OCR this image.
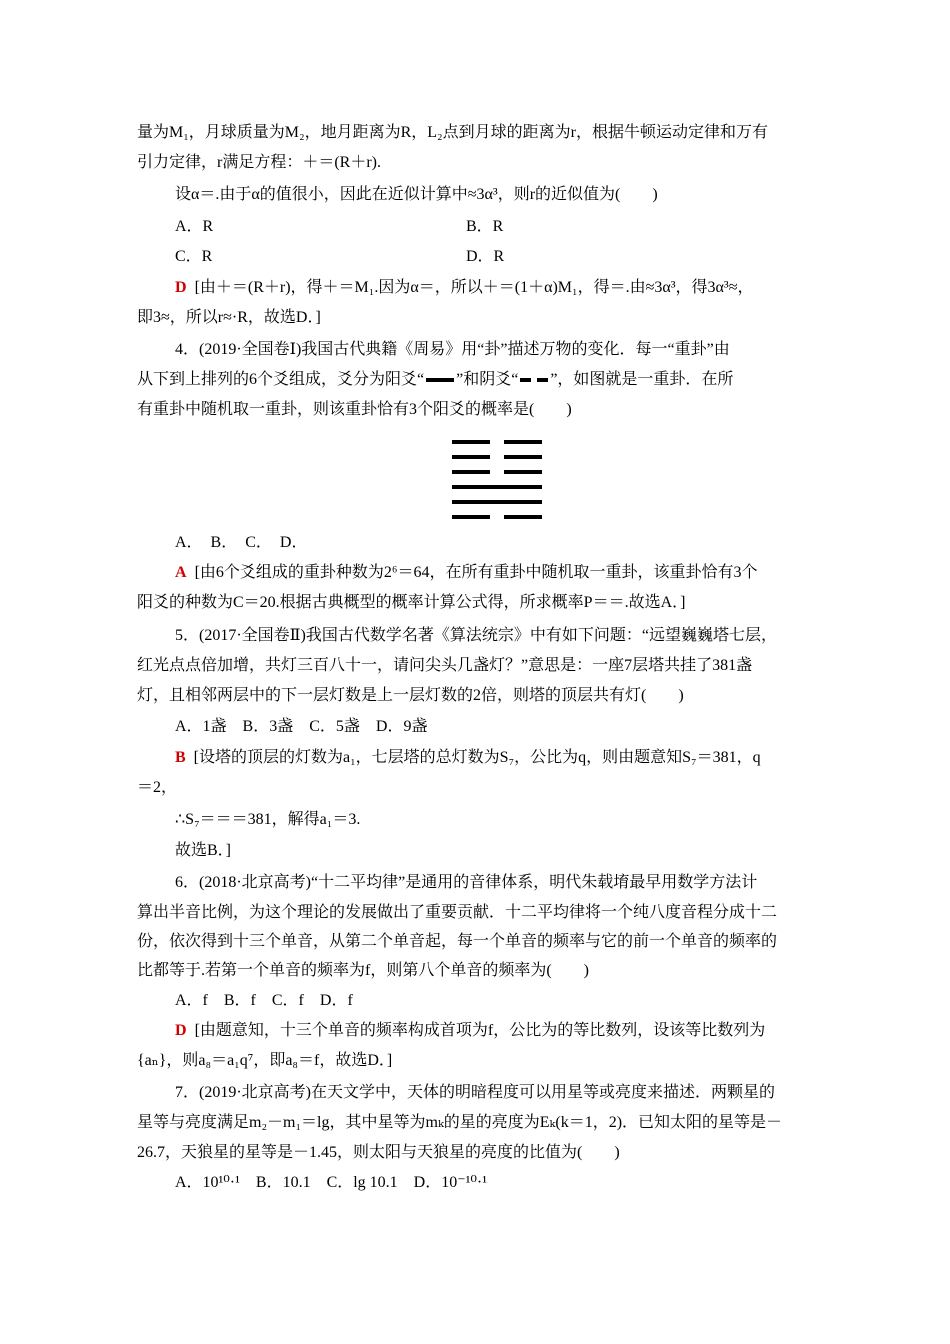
量为M₁，月球质量为M₂，地月距离为R，L₂点到月球的距离为r，根据牛顿运动定律和万有
引力定律，r满足方程：＋＝(R＋r).
设α＝.由于α的值很小，因此在近似计算中≈3α³，则r的近似值为(　　)
A．R	B．R
C．R	D．R
D [由＋＝(R＋r)，得＋＝M₁.因为α＝，所以＋＝(1＋α)M₁，得＝.由≈3α³，得3α³≈，
即3≈，所以r≈·R，故选D．]
4．(2019·全国卷Ⅰ)我国古代典籍《周易》用“卦”描述万物的变化．每一“重卦”由
从下到上排列的6个爻组成，爻分为阳爻“ ”和阴爻“ ”，如图就是一重卦．在所
有重卦中随机取一重卦，则该重卦恰有3个阳爻的概率是(　　)
A．　B．　C．　D．
A [由6个爻组成的重卦种数为2⁶＝64，在所有重卦中随机取一重卦，该重卦恰有3个
阳爻的种数为C＝20.根据古典概型的概率计算公式得，所求概率P＝＝.故选A．]
5．(2017·全国卷Ⅱ)我国古代数学名著《算法统宗》中有如下问题：“远望巍巍塔七层，
红光点点倍加增，共灯三百八十一，请问尖头几盏灯？”意思是：一座7层塔共挂了381盏
灯，且相邻两层中的下一层灯数是上一层灯数的2倍，则塔的顶层共有灯(　　)
A．1盏　B．3盏　C．5盏　D．9盏
B [设塔的顶层的灯数为a₁，七层塔的总灯数为S₇，公比为q，则由题意知S₇＝381，q
＝2，
∴S₇＝＝＝381，解得a₁＝3.
故选B．]
6．(2018·北京高考)“十二平均律”是通用的音律体系，明代朱载堉最早用数学方法计
算出半音比例，为这个理论的发展做出了重要贡献．十二平均律将一个纯八度音程分成十二
份，依次得到十三个单音，从第二个单音起，每一个单音的频率与它的前一个单音的频率的
比都等于.若第一个单音的频率为f，则第八个单音的频率为(　　)
A．f　B．f　C．f　D．f
D [由题意知，十三个单音的频率构成首项为f，公比为的等比数列，设该等比数列为
{aₙ}，则a₈＝a₁q⁷，即a₈＝f，故选D．]
7．(2019·北京高考)在天文学中，天体的明暗程度可以用星等或亮度来描述．两颗星的
星等与亮度满足m₂－m₁＝lg，其中星等为mₖ的星的亮度为Eₖ(k＝1，2)．已知太阳的星等是－
26.7，天狼星的星等是－1.45，则太阳与天狼星的亮度的比值为(　　)
A．10¹⁰·¹　B．10.1　C．lg 10.1　D．10⁻¹⁰·¹
